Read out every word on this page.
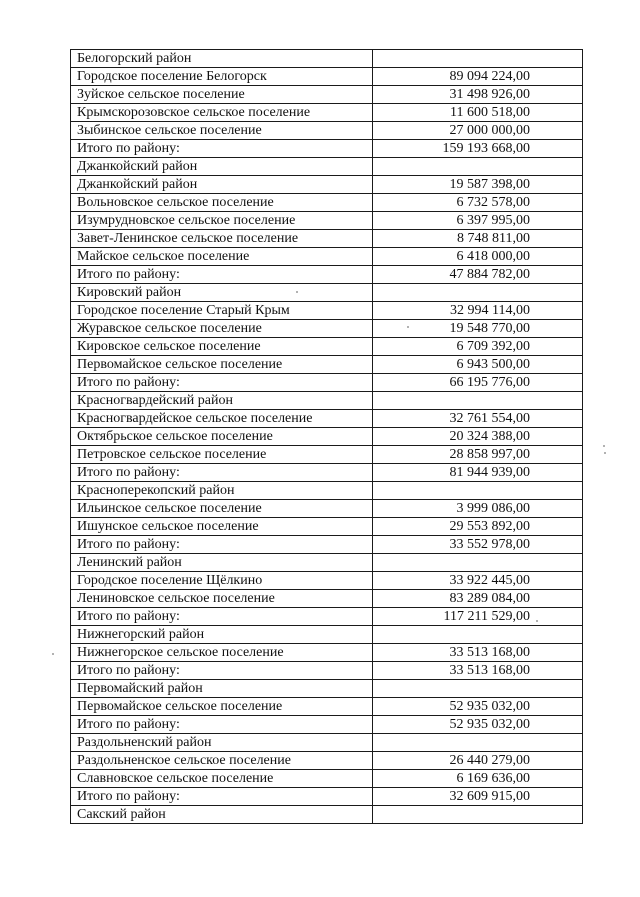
Белогорский район	
Городское поселение Белогорск	89 094 224,00
Зуйское сельское поселение	31 498 926,00
Крымскорозовское сельское поселение	11 600 518,00
Зыбинское сельское поселение	27 000 000,00
Итого по району:	159 193 668,00
Джанкойский район	
Джанкойский район	19 587 398,00
Вольновское сельское поселение	6 732 578,00
Изумрудновское сельское поселение	6 397 995,00
Завет-Ленинское сельское поселение	8 748 811,00
Майское сельское поселение	6 418 000,00
Итого по району:	47 884 782,00
Кировский район	
Городское поселение Старый Крым	32 994 114,00
Журавское сельское поселение	19 548 770,00
Кировское сельское поселение	6 709 392,00
Первомайское сельское поселение	6 943 500,00
Итого по району:	66 195 776,00
Красногвардейский район	
Красногвардейское сельское поселение	32 761 554,00
Октябрьское сельское поселение	20 324 388,00
Петровское сельское поселение	28 858 997,00
Итого по району:	81 944 939,00
Красноперекопский район	
Ильинское сельское поселение	3 999 086,00
Ишунское сельское поселение	29 553 892,00
Итого по району:	33 552 978,00
Ленинский район	
Городское поселение Щёлкино	33 922 445,00
Лениновское сельское поселение	83 289 084,00
Итого по району:	117 211 529,00
Нижнегорский район	
Нижнегорское сельское поселение	33 513 168,00
Итого по району:	33 513 168,00
Первомайский район	
Первомайское сельское поселение	52 935 032,00
Итого по району:	52 935 032,00
Раздольненский район	
Раздольненское сельское поселение	26 440 279,00
Славновское сельское поселение	6 169 636,00
Итого по району:	32 609 915,00
Сакский район	
